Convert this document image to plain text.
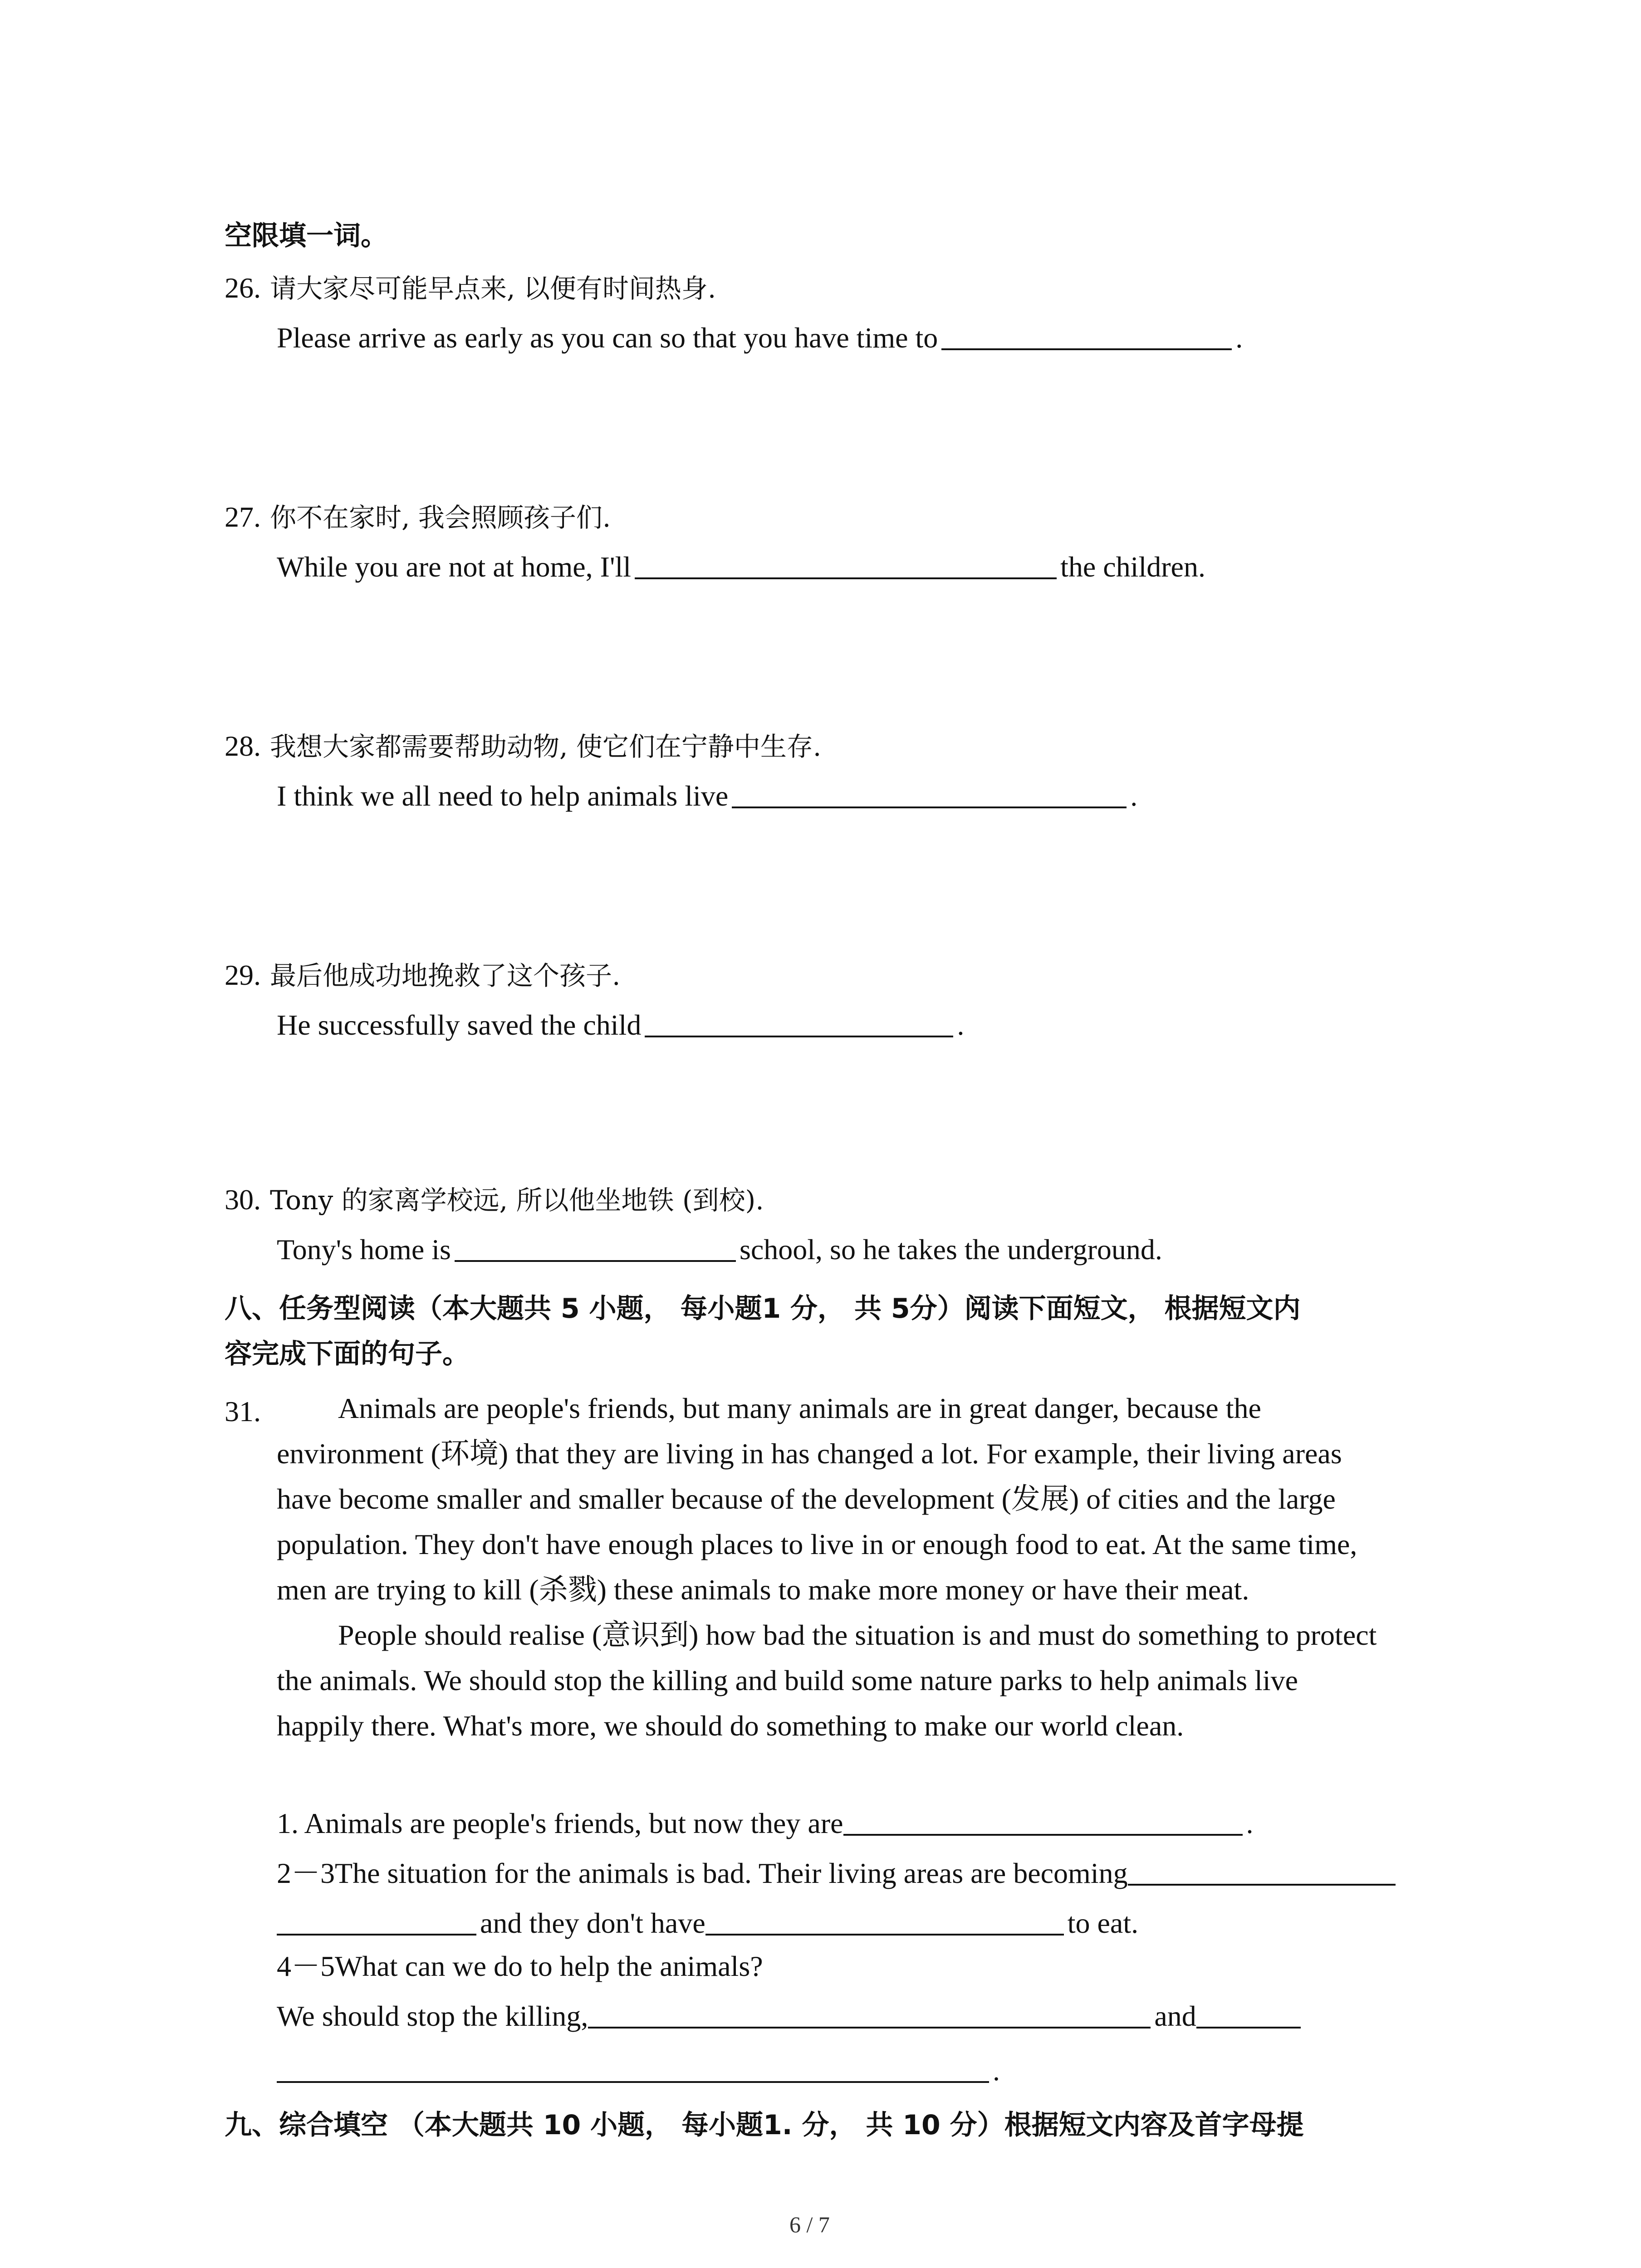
空限填一词。
26. 请大家尽可能早点来, 以便有时间热身.
Please arrive as early as you can so that you have time to	.
27. 你不在家时, 我会照顾孩子们.
While you are not at home, I'll	the children.
28. 我想大家都需要帮助动物, 使它们在宁静中生存.
I think we all need to help animals live	.
29. 最后他成功地挽救了这个孩子.
He successfully saved the child	.
30. Tony 的家离学校远, 所以他坐地铁 (到校).
Tony's home is	school, so he takes the underground.
八、任务型阅读（本大题共 5 小题， 每小题1 分， 共 5分）阅读下面短文， 根据短文内
容完成下面的句子。
31.	Animals are people's friends, but many animals are in great danger, because the
environment (环境) that they are living in has changed a lot. For example, their living areas
have become smaller and smaller because of the development (发展) of cities and the large
population. They don't have enough places to live in or enough food to eat. At the same time,
men are trying to kill (杀戮) these animals to make more money or have their meat.
People should realise (意识到) how bad the situation is and must do something to protect
the animals. We should stop the killing and build some nature parks to help animals live
happily there. What's more, we should do something to make our world clean.
1. Animals are people's friends, but now they are	.
2－3The situation for the animals is bad. Their living areas are becoming
and they don't have	to eat.
4－5What can we do to help the animals?
We should stop the killing,	and
.
九、综合填空 （本大题共 10 小题， 每小题1. 分， 共 10 分）根据短文内容及首字母提
6 / 7
